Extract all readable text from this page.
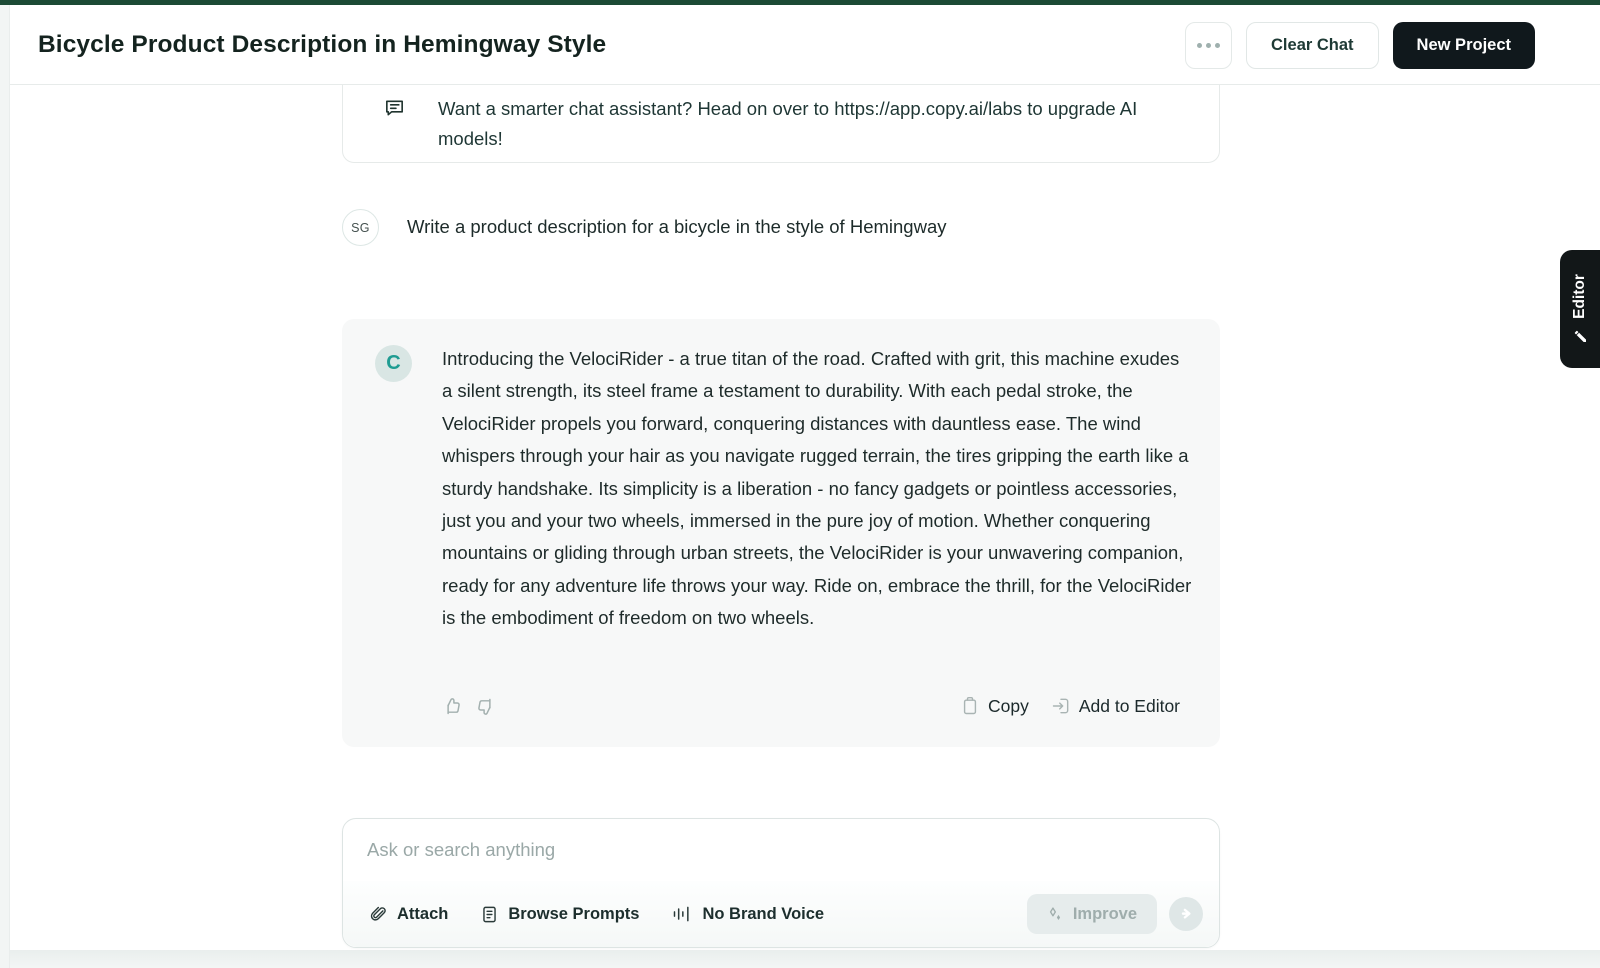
Want a smarter chat assistant? Head on over to https://app.copy.ai/labs to upgrade AI models!
Bicycle Product Description in Hemingway Style	Clear Chat	New Project
SG	Write a product description for a bicycle in the style of Hemingway
C	Introducing the VelociRider - a true titan of the road. Crafted with grit, this machine exudes a silent strength, its steel frame a testament to durability. With each pedal stroke, the VelociRider propels you forward, conquering distances with dauntless ease. The wind whispers through your hair as you navigate rugged terrain, the tires gripping the earth like a sturdy handshake. Its simplicity is a liberation - no fancy gadgets or pointless accessories, just you and your two wheels, immersed in the pure joy of motion. Whether conquering mountains or gliding through urban streets, the VelociRider is your unwavering companion, ready for any adventure life throws your way. Ride on, embrace the thrill, for the VelociRider is the embodiment of freedom on two wheels.
Copy	Add to Editor
Ask or search anything
Attach	Browse Prompts	No Brand Voice	Improve
Editor
